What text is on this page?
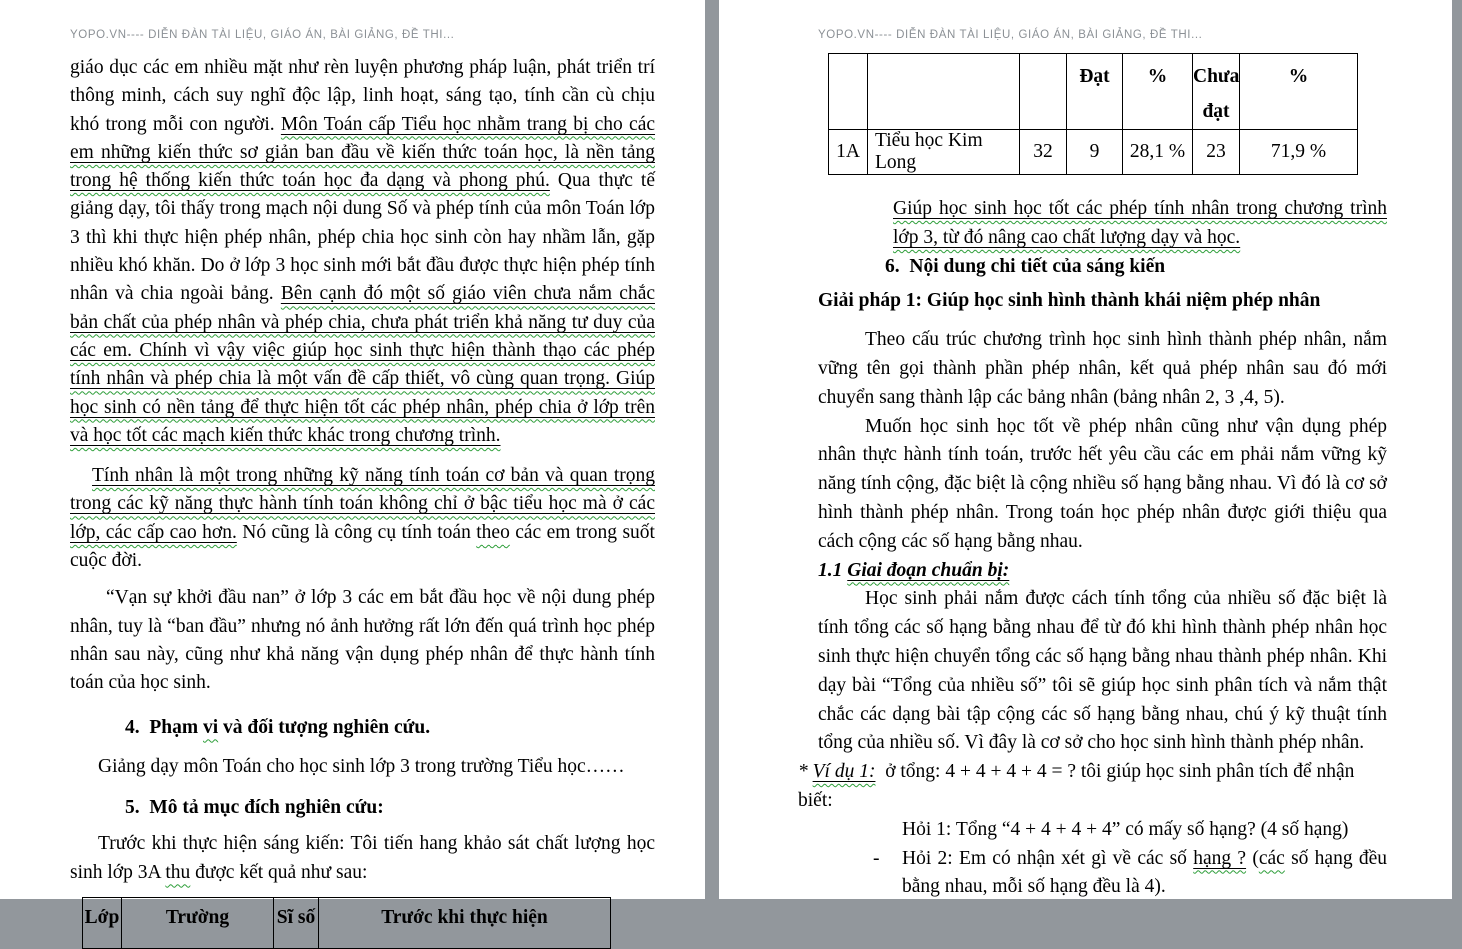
YOPO.VN---- DIỄN ĐÀN TÀI LIỆU, GIÁO ÁN, BÀI GIẢNG, ĐỀ THI...

giáo dục các em nhiều mặt như rèn luyện phương pháp luận, phát triển trí thông minh, cách suy nghĩ độc lập, linh hoạt, sáng tạo, tính cần cù chịu khó trong mỗi con người. Môn Toán cấp Tiểu học nhằm trang bị cho các em những kiến thức sơ giản ban đầu về kiến thức toán học, là nền tảng trong hệ thống kiến thức toán học đa dạng và phong phú. Qua thực tế giảng dạy, tôi thấy trong mạch nội dung Số và phép tính của môn Toán lớp 3 thì khi thực hiện phép nhân, phép chia học sinh còn hay nhầm lẫn, gặp nhiều khó khăn. Do ở lớp 3 học sinh mới bắt đầu được thực hiện phép tính nhân và chia ngoài bảng. Bên cạnh đó một số giáo viên chưa nắm chắc bản chất của phép nhân và phép chia, chưa phát triển khả năng tư duy của các em. Chính vì vậy việc giúp học sinh thực hiện thành thạo các phép tính nhân và phép chia là một vấn đề cấp thiết, vô cùng quan trọng. Giúp học sinh có nền tảng để thực hiện tốt các phép nhân, phép chia ở lớp trên và học tốt các mạch kiến thức khác trong chương trình.

Tính nhân là một trong những kỹ năng tính toán cơ bản và quan trọng trong các kỹ năng thực hành tính toán không chỉ ở bậc tiểu học mà ở các lớp, các cấp cao hơn. Nó cũng là công cụ tính toán theo các em trong suốt cuộc đời.

“Vạn sự khởi đầu nan” ở lớp 3 các em bắt đầu học về nội dung phép nhân, tuy là “ban đầu” nhưng nó ảnh hưởng rất lớn đến quá trình học phép nhân sau này, cũng như khả năng vận dụng phép nhân để thực hành tính toán của học sinh.

4.  Phạm vi và đối tượng nghiên cứu.

Giảng dạy môn Toán cho học sinh lớp 3 trong trường Tiểu học……

5.  Mô tả mục đích nghiên cứu:

Trước khi thực hiện sáng kiến: Tôi tiến hang khảo sát chất lượng học sinh lớp 3A thu được kết quả như sau:

Lớp	Trường	Sĩ số	Trước khi thực hiện
YOPO.VN---- DIỄN ĐÀN TÀI LIỆU, GIÁO ÁN, BÀI GIẢNG, ĐỀ THI...
			Đạt	%	Chưa đạt	%
1A	Tiểu học Kim Long	32	9	28,1 %	23	71,9 %

Giúp học sinh học tốt các phép tính nhân trong chương trình lớp 3, từ đó nâng cao chất lượng dạy và học.

6.  Nội dung chi tiết của sáng kiến

Giải pháp 1: Giúp học sinh hình thành khái niệm phép nhân

Theo cấu trúc chương trình học sinh hình thành phép nhân, nắm vững tên gọi thành phần phép nhân, kết quả phép nhân sau đó mới chuyển sang thành lập các bảng nhân (bảng nhân 2, 3 ,4, 5).

Muốn học sinh học tốt về phép nhân cũng như vận dụng phép nhân thực hành tính toán, trước hết yêu cầu các em phải nắm vững kỹ năng tính cộng, đặc biệt là cộng nhiều số hạng bằng nhau. Vì đó là cơ sở hình thành phép nhân. Trong toán học phép nhân được giới thiệu qua cách cộng các số hạng bằng nhau.

1.1 Giai đoạn chuẩn bị:

Học sinh phải nắm được cách tính tổng của nhiều số đặc biệt là tính tổng các số hạng bằng nhau để từ đó khi hình thành phép nhân học sinh thực hiện chuyển tổng các số hạng bằng nhau thành phép nhân. Khi dạy bài “Tổng của nhiều số” tôi sẽ giúp học sinh phân tích và nắm thật chắc các dạng bài tập cộng các số hạng bằng nhau, chú ý kỹ thuật tính tổng của nhiều số. Vì đây là cơ sở cho học sinh hình thành phép nhân.

* Ví dụ 1:  ở tổng: 4 + 4 + 4 + 4 = ? tôi giúp học sinh phân tích để nhận biết:

Hỏi 1: Tổng “4 + 4 + 4 + 4” có mấy số hạng? (4 số hạng)

- Hỏi 2: Em có nhận xét gì về các số hạng ? (các số hạng đều bằng nhau, mỗi số hạng đều là 4).
